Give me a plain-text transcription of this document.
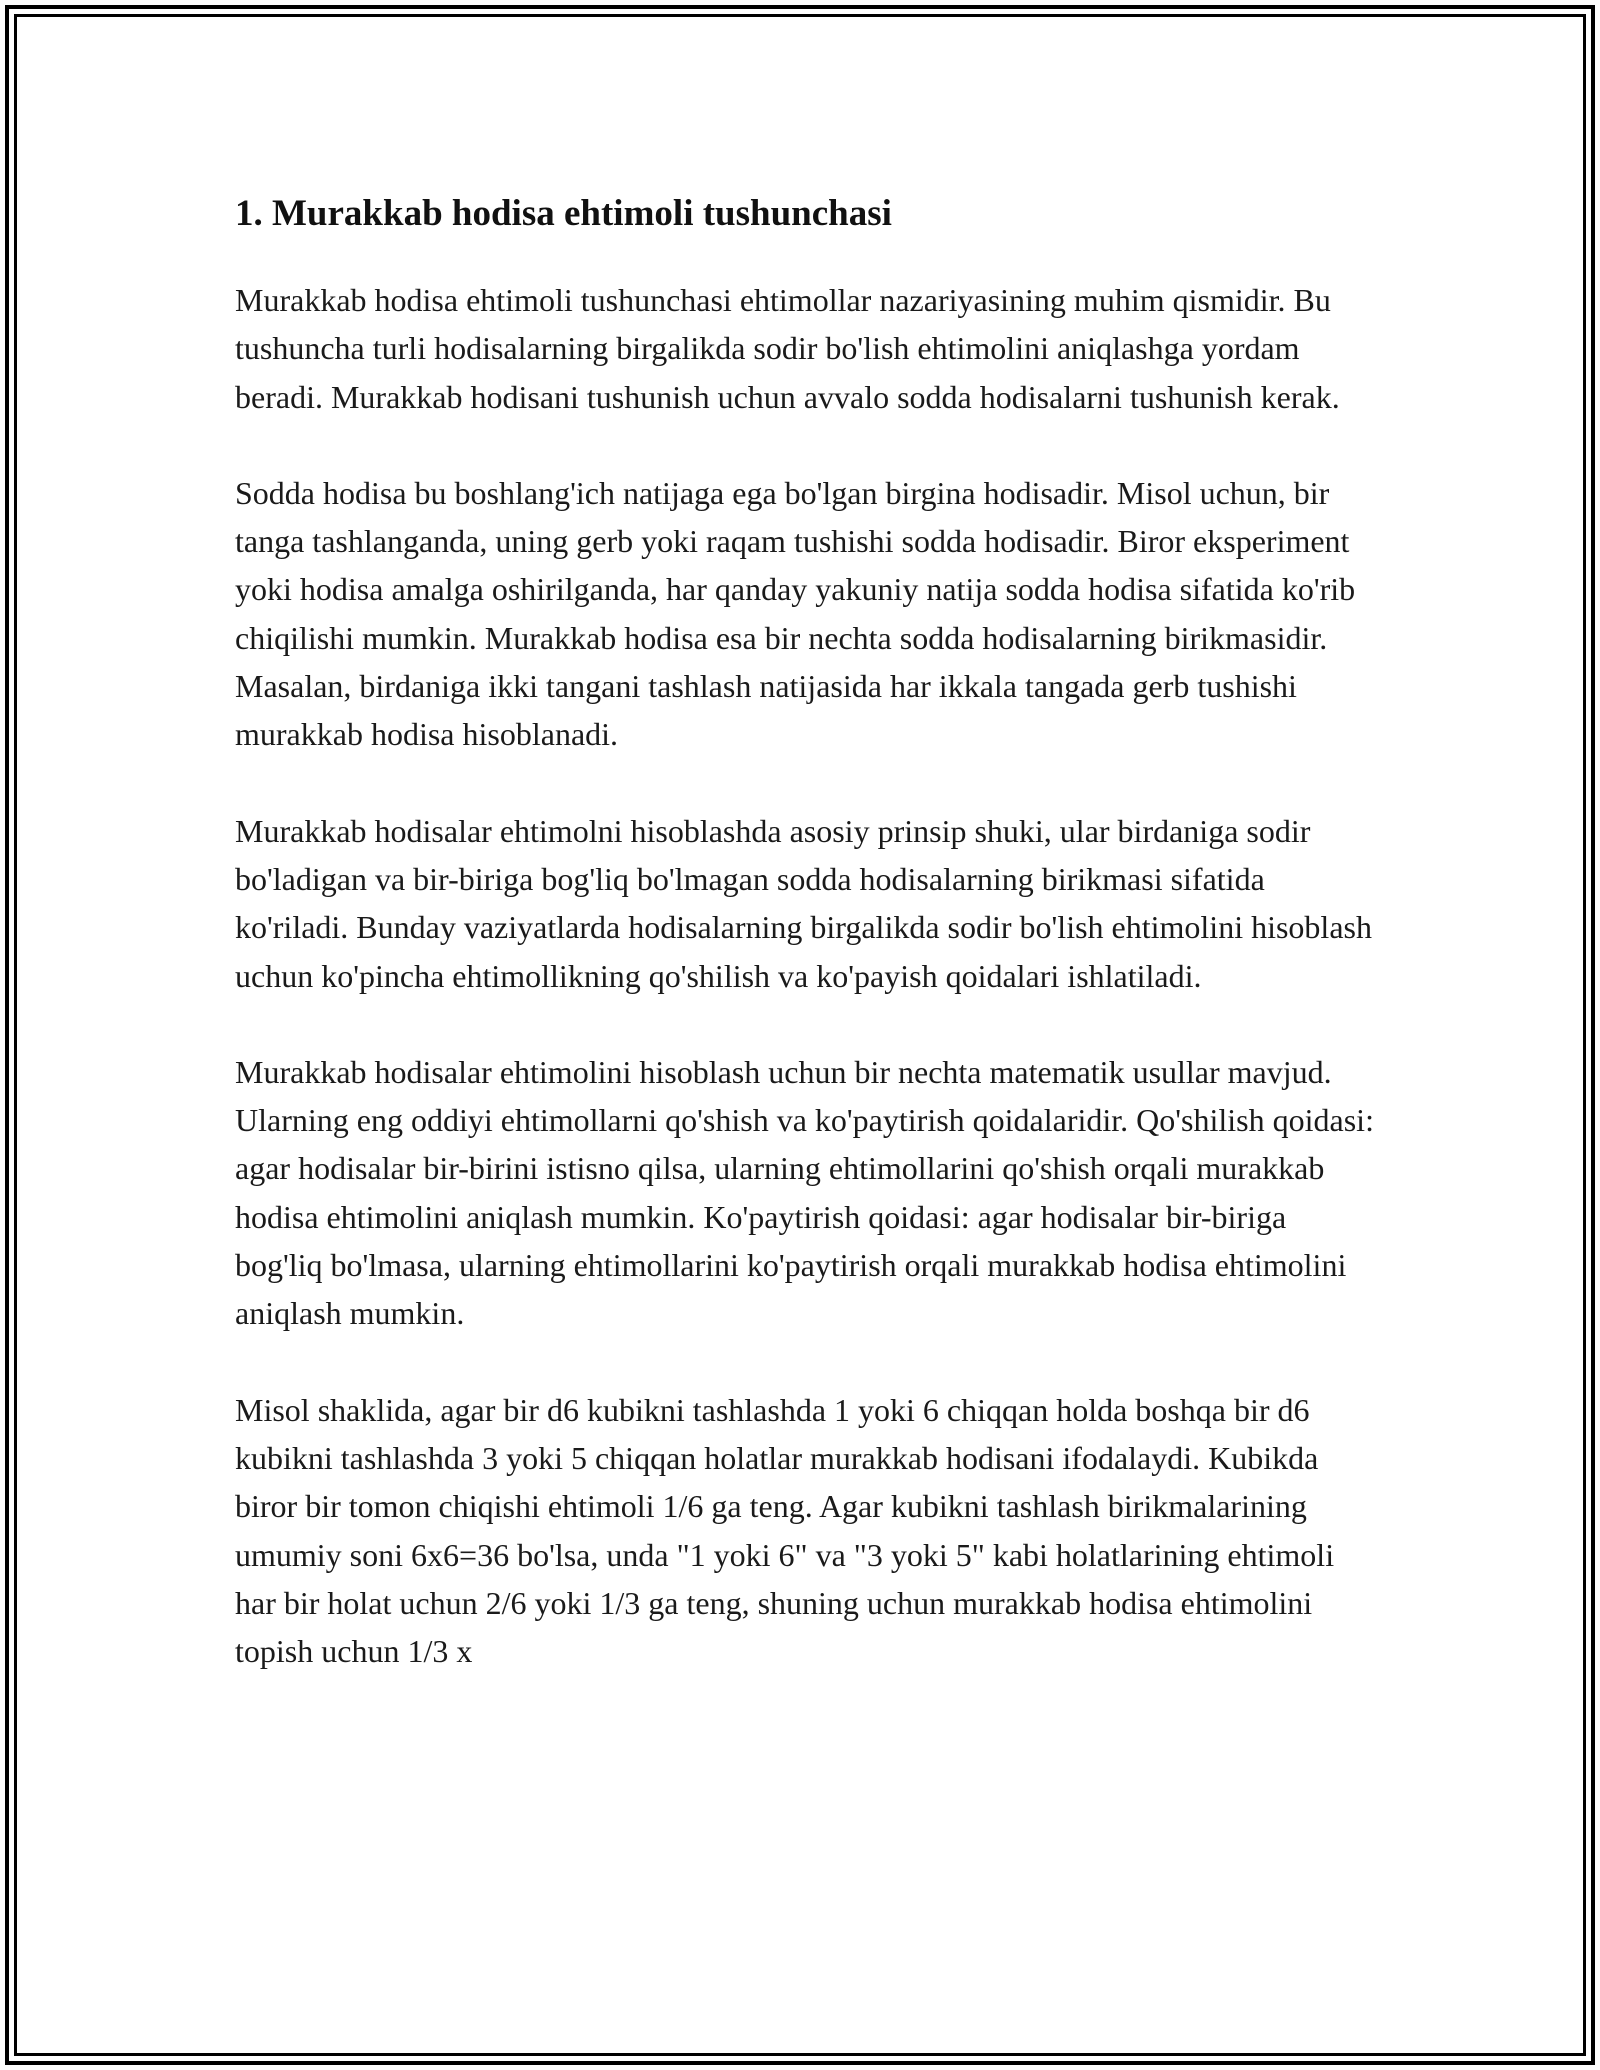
1. Murakkab hodisa ehtimoli tushunchasi

Murakkab hodisa ehtimoli tushunchasi ehtimollar nazariyasining muhim qismidir. Bu tushuncha turli hodisalarning birgalikda sodir bo'lish ehtimolini aniqlashga yordam beradi. Murakkab hodisani tushunish uchun avvalo sodda hodisalarni tushunish kerak.

Sodda hodisa bu boshlang'ich natijaga ega bo'lgan birgina hodisadir. Misol uchun, bir tanga tashlanganda, uning gerb yoki raqam tushishi sodda hodisadir. Biror eksperiment yoki hodisa amalga oshirilganda, har qanday yakuniy natija sodda hodisa sifatida ko'rib chiqilishi mumkin. Murakkab hodisa esa bir nechta sodda hodisalarning birikmasidir. Masalan, birdaniga ikki tangani tashlash natijasida har ikkala tangada gerb tushishi murakkab hodisa hisoblanadi.

Murakkab hodisalar ehtimolni hisoblashda asosiy prinsip shuki, ular birdaniga sodir bo'ladigan va bir-biriga bog'liq bo'lmagan sodda hodisalarning birikmasi sifatida ko'riladi. Bunday vaziyatlarda hodisalarning birgalikda sodir bo'lish ehtimolini hisoblash uchun ko'pincha ehtimollikning qo'shilish va ko'payish qoidalari ishlatiladi.

Murakkab hodisalar ehtimolini hisoblash uchun bir nechta matematik usullar mavjud. Ularning eng oddiyi ehtimollarni qo'shish va ko'paytirish qoidalaridir. Qo'shilish qoidasi: agar hodisalar bir-birini istisno qilsa, ularning ehtimollarini qo'shish orqali murakkab hodisa ehtimolini aniqlash mumkin. Ko'paytirish qoidasi: agar hodisalar bir-biriga bog'liq bo'lmasa, ularning ehtimollarini ko'paytirish orqali murakkab hodisa ehtimolini aniqlash mumkin.

Misol shaklida, agar bir d6 kubikni tashlashda 1 yoki 6 chiqqan holda boshqa bir d6 kubikni tashlashda 3 yoki 5 chiqqan holatlar murakkab hodisani ifodalaydi. Kubikda biror bir tomon chiqishi ehtimoli 1/6 ga teng. Agar kubikni tashlash birikmalarining umumiy soni 6x6=36 bo'lsa, unda "1 yoki 6" va "3 yoki 5" kabi holatlarining ehtimoli har bir holat uchun 2/6 yoki 1/3 ga teng, shuning uchun murakkab hodisa ehtimolini topish uchun 1/3 x
